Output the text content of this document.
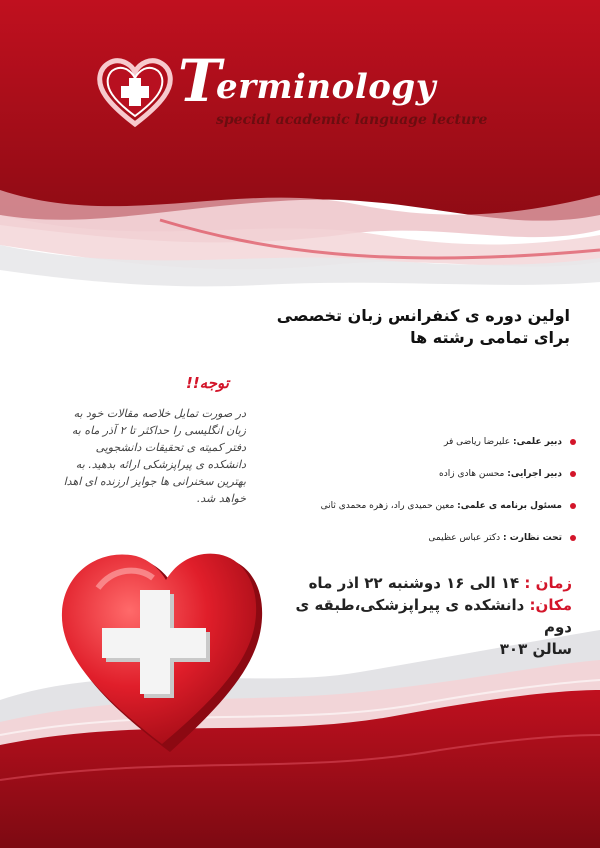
T
erminology
special academic language lecture
اولین دوره ی کنفرانس زبان تخصصی
برای تمامی رشته ها
توجه!!
در صورت تمایل خلاصه مقالات خود به زبان انگلیسی را حداکثر تا ۲ آذر ماه به دفتر کمیته ی تحقیقات دانشجویی دانشکده ی پیراپزشکی ارائه بدهید. به بهترین سخنرانی ها جوایز ارزنده ای اهدا خواهد شد.
دبیر علمی: علیرضا ریاضی فر
دبیر اجرایی: محسن هادی زاده
مسئول برنامه ی علمی: معین حمیدی راد، زهره محمدی ثانی
تحت نظارت : دکتر عباس عظیمی
زمان : ۱۴ الی ۱۶ دوشنبه ۲۲ اذر ماه
مکان: دانشکده ی پیراپزشکی،طبقه ی دوم
سالن ۳۰۳
